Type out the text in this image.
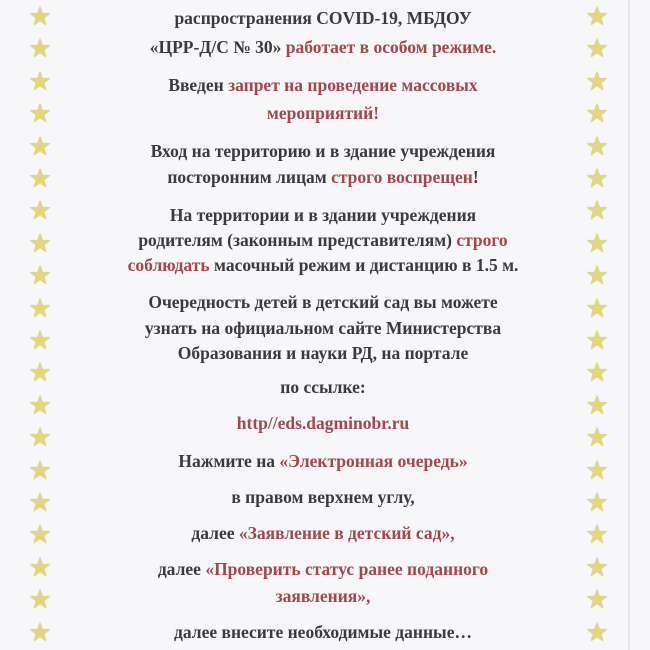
★
★
★
★
★
★
★
★
★
★
★
★
★
★
★
★
★
★
★
★
★
★
★
★
★
★
★
★
★
★
★
★
★
★
★
★
★
★
★
★
распространения COVID-19, МБДОУ
«ЦРР-Д/С № 30» работает в особом режиме.
Введен запрет на проведение массовых
мероприятий!
Вход на территорию и в здание учреждения
посторонним лицам строго воспрещен!
На территории и в здании учреждения
родителям (законным представителям) строго
соблюдать масочный режим и дистанцию в 1.5 м.
Очередность детей в детский сад вы можете
узнать на официальном сайте Министерства
Образования и науки РД, на портале
по ссылке:
http//eds.dagminobr.ru
Нажмите на «Электронная очередь»
в правом верхнем углу,
далее «Заявление в детский сад»,
далее «Проверить статус ранее поданного
заявления»,
далее внесите необходимые данные…
